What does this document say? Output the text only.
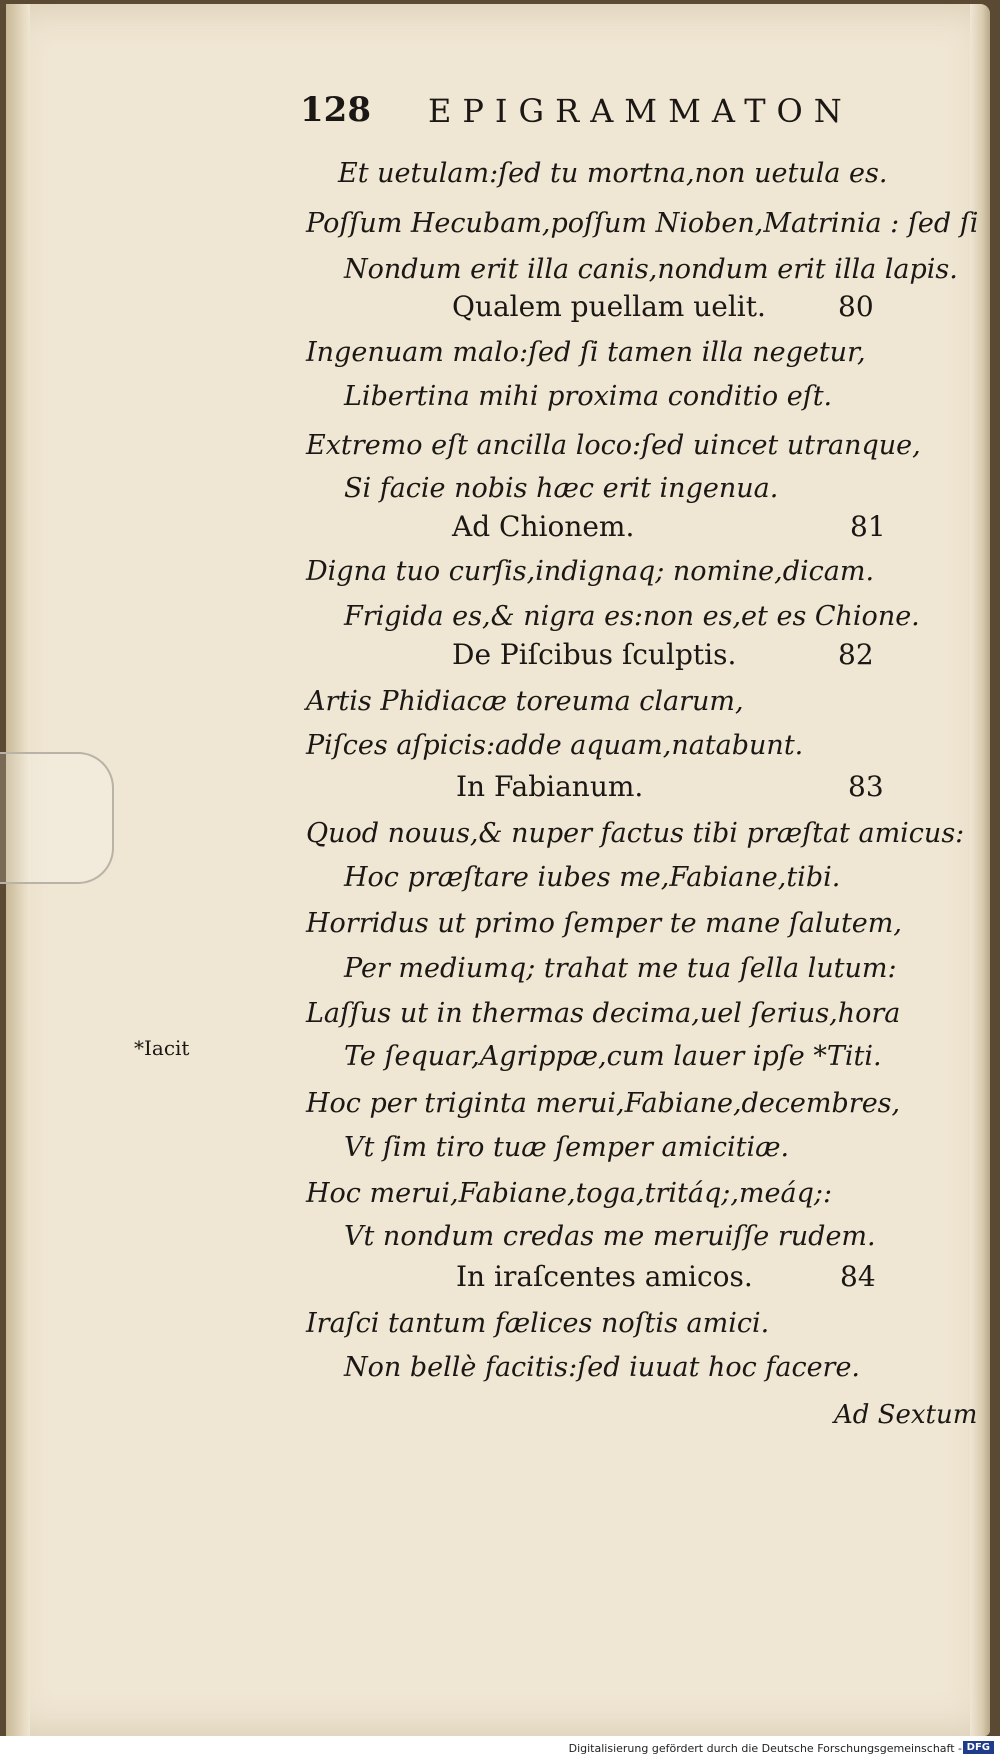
128 EPIGRAMMATON
Et uetulam:ſed tu mortna,non uetula es.
Poſſum Hecubam,poſſum Nioben,Matrinia : ſed ſi
Nondum erit illa canis,nondum erit illa lapis.
Qualem puellam uelit.	80
Ingenuam malo:ſed ſi tamen illa negetur,
Libertina mihi proxima conditio eſt.
Extremo eſt ancilla loco:ſed uincet utranque,
Si facie nobis hæc erit ingenua.
Ad Chionem.	81
Digna tuo curſis,indignaq; nomine,dicam.
Frigida es,& nigra es:non es,et es Chione.
De Piſcibus ſculptis.	82
Artis Phidiacæ toreuma clarum,
Piſces aſpicis:adde aquam,natabunt.
In Fabianum.	83
Quod nouus,& nuper factus tibi præſtat amicus:
Hoc præſtare iubes me,Fabiane,tibi.
Horridus ut primo ſemper te mane ſalutem,
Per mediumq; trahat me tua ſella lutum:
Laſſus ut in thermas decima,uel ſerius,hora
*Iacit	Te ſequar,Agrippæ,cum lauer ipſe *Titi.
Hoc per triginta merui,Fabiane,decembres,
Vt ſim tiro tuæ ſemper amicitiæ.
Hoc merui,Fabiane,toga,tritáq;,meáq;:
Vt nondum credas me meruiſſe rudem.
In iraſcentes amicos.	84
Iraſci tantum fælices noſtis amici.
Non bellè facitis:ſed iuuat hoc facere.
Ad Sextum
Digitalisierung gefördert durch die Deutsche Forschungsgemeinschaft - DFG
